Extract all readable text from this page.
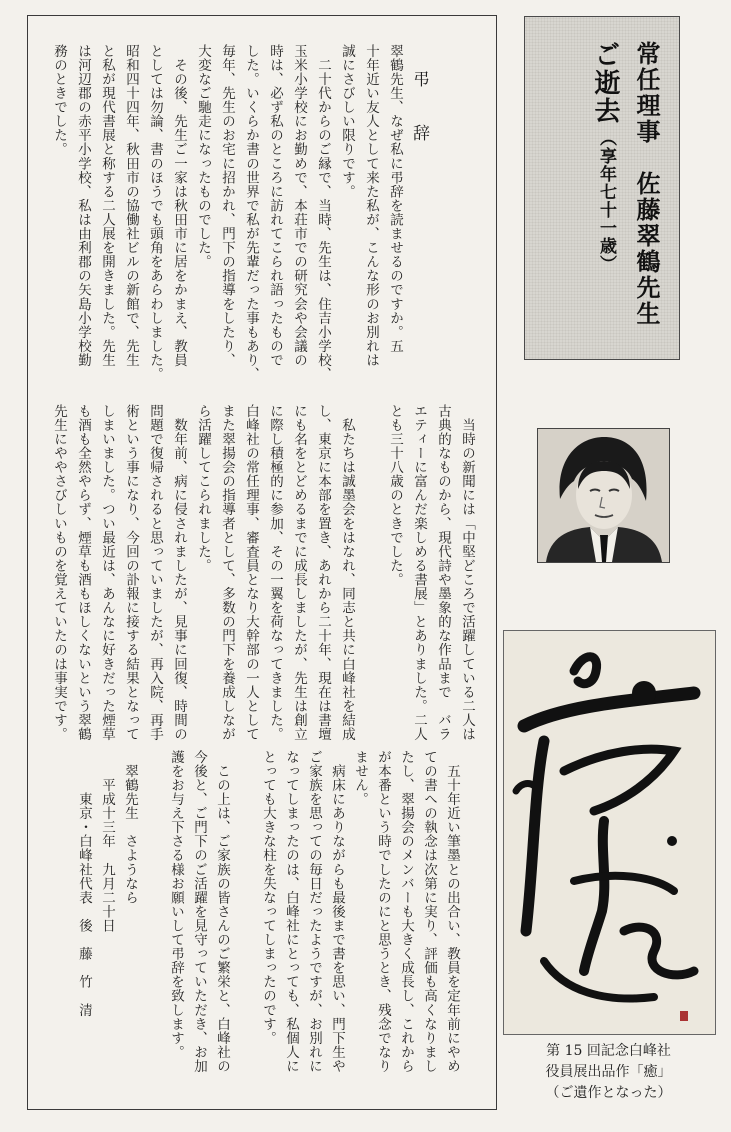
弔　辞
翠鶴先生、なぜ私に弔辞を読ませるのですか。五
十年近い友人として来た私が、こんな形のお別れは
誠にさびしい限りです。
　二十代からのご縁で、当時、先生は、住吉小学校、
玉米小学校にお勤めで、本荘市での研究会や会議の
時は、必ず私のところに訪れてこられ語ったもので
した。いくらか書の世界で私が先輩だった事もあり、
毎年、先生のお宅に招かれ、門下の指導をしたり、
大変なご馳走になったものでした。
　その後、先生ご一家は秋田市に居をかまえ、教員
としては勿論、書のほうでも頭角をあらわしました。
昭和四十四年、秋田市の協働社ビルの新館で、先生
と私が現代書展と称する二人展を開きました。先生
は河辺郡の赤平小学校、私は由利郡の矢島小学校勤
務のときでした。
　当時の新聞には「中堅どころで活躍している二人は
古典的なものから、現代詩や墨象的な作品まで　バラ
エティーに富んだ楽しめる書展」とありました。二人
とも三十八歳のときでした。

　私たちは誠墨会をはなれ、同志と共に白峰社を結成
し、東京に本部を置き、あれから二十年、現在は書壇
にも名をとどめるまでに成長しましたが、先生は創立
に際し積極的に参加、その一翼を荷なってきました。
白峰社の常任理事、審査員となり大幹部の一人として
また翠揚会の指導者として、多数の門下を養成しなが
ら活躍してこられました。
　数年前、病に侵されましたが、見事に回復、時間の
問題で復帰されると思っていましたが、再入院、再手
術という事になり、今回の訃報に接する結果となって
しまいました。つい最近は、あんなに好きだった煙草
も酒も全然やらず、煙草も酒もほしくないという翠鶴
先生にややさびしいものを覚えていたのは事実です。
　五十年近い筆墨との出合い、教員を定年前にやめ
ての書への執念は次第に実り、評価も高くなりまし
たし、翠揚会のメンバーも大きく成長し、これから
が本番という時でしたのにと思うとき、残念でなり
ません。
　病床にありながらも最後まで書を思い、門下生や
ご家族を思っての毎日だったようですが、お別れに
なってしまったのは、白峰社にとっても、私個人に
とっても大きな柱を失なってしまったのです。

　この上は、ご家族の皆さんのご繁栄と、白峰社の
今後と、ご門下のご活躍を見守っていただき、お加
護をお与え下さる様お願いして弔辞を致します。

　翠鶴先生　さようなら
　　平成十三年　九月二十日
　　　東京・白峰社代表　後　藤　竹　清
常任理事　佐藤翠鶴先生
ご逝去
（享年七十一歳）
第 15 回記念白峰社
役員展出品作「癒」
（ご遺作となった）
